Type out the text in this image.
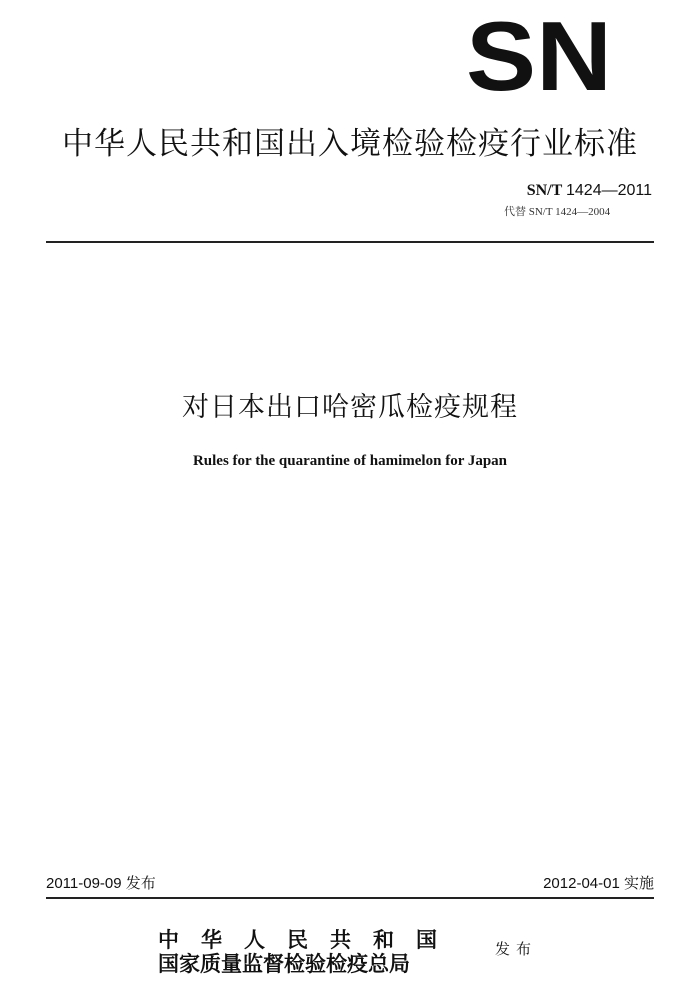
SN
中华人民共和国出入境检验检疫行业标准
SN/T 1424—2011
代替 SN/T 1424—2004
对日本出口哈密瓜检疫规程
Rules for the quarantine of hamimelon for Japan
2011-09-09 发布	2012-04-01 实施
中华人民共和国
国家质量监督检验检疫总局
发布
